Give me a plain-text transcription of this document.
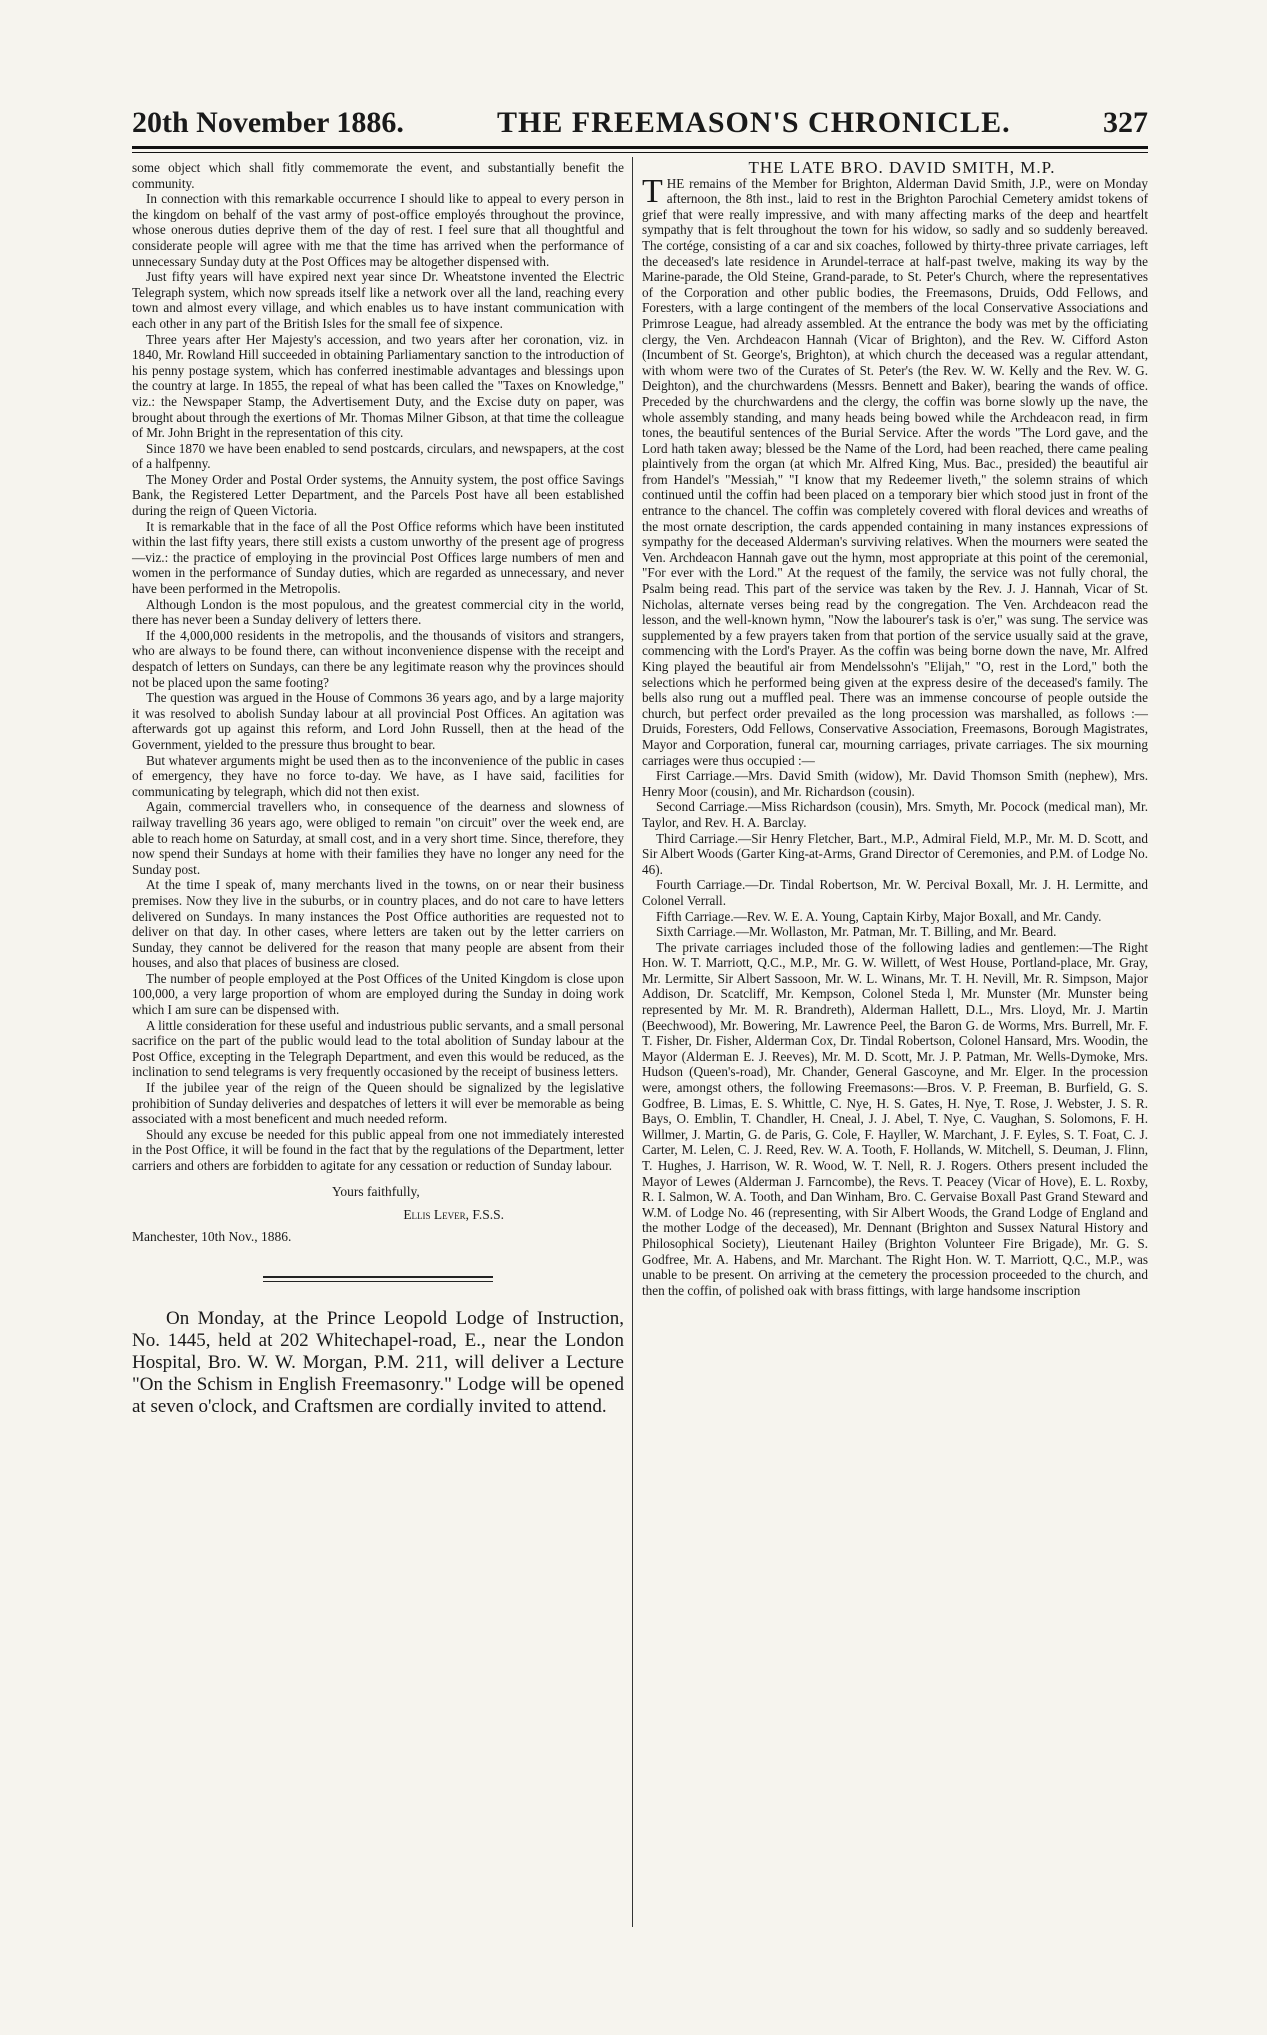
20th November 1886.	THE FREEMASON'S CHRONICLE.	327

some object which shall fitly commemorate the event, and substantially benefit the community.

In connection with this remarkable occurrence I should like to appeal to every person in the kingdom on behalf of the vast army of post-office employés throughout the province, whose onerous duties deprive them of the day of rest. I feel sure that all thoughtful and considerate people will agree with me that the time has arrived when the performance of unnecessary Sunday duty at the Post Offices may be altogether dispensed with.

Just fifty years will have expired next year since Dr. Wheatstone invented the Electric Telegraph system, which now spreads itself like a network over all the land, reaching every town and almost every village, and which enables us to have instant communication with each other in any part of the British Isles for the small fee of sixpence.

Three years after Her Majesty's accession, and two years after her coronation, viz. in 1840, Mr. Rowland Hill succeeded in obtaining Parliamentary sanction to the introduction of his penny postage system, which has conferred inestimable advantages and blessings upon the country at large. In 1855, the repeal of what has been called the "Taxes on Knowledge," viz.: the Newspaper Stamp, the Advertisement Duty, and the Excise duty on paper, was brought about through the exertions of Mr. Thomas Milner Gibson, at that time the colleague of Mr. John Bright in the representation of this city.

Since 1870 we have been enabled to send postcards, circulars, and newspapers, at the cost of a halfpenny.

The Money Order and Postal Order systems, the Annuity system, the post office Savings Bank, the Registered Letter Department, and the Parcels Post have all been established during the reign of Queen Victoria.

It is remarkable that in the face of all the Post Office reforms which have been instituted within the last fifty years, there still exists a custom unworthy of the present age of progress—viz.: the practice of employing in the provincial Post Offices large numbers of men and women in the performance of Sunday duties, which are regarded as unnecessary, and never have been performed in the Metropolis.

Although London is the most populous, and the greatest commercial city in the world, there has never been a Sunday delivery of letters there.

If the 4,000,000 residents in the metropolis, and the thousands of visitors and strangers, who are always to be found there, can without inconvenience dispense with the receipt and despatch of letters on Sundays, can there be any legitimate reason why the provinces should not be placed upon the same footing?

The question was argued in the House of Commons 36 years ago, and by a large majority it was resolved to abolish Sunday labour at all provincial Post Offices. An agitation was afterwards got up against this reform, and Lord John Russell, then at the head of the Government, yielded to the pressure thus brought to bear.

But whatever arguments might be used then as to the inconvenience of the public in cases of emergency, they have no force to-day. We have, as I have said, facilities for communicating by telegraph, which did not then exist.

Again, commercial travellers who, in consequence of the dearness and slowness of railway travelling 36 years ago, were obliged to remain "on circuit" over the week end, are able to reach home on Saturday, at small cost, and in a very short time. Since, therefore, they now spend their Sundays at home with their families they have no longer any need for the Sunday post.

At the time I speak of, many merchants lived in the towns, on or near their business premises. Now they live in the suburbs, or in country places, and do not care to have letters delivered on Sundays. In many instances the Post Office authorities are requested not to deliver on that day. In other cases, where letters are taken out by the letter carriers on Sunday, they cannot be delivered for the reason that many people are absent from their houses, and also that places of business are closed.

The number of people employed at the Post Offices of the United Kingdom is close upon 100,000, a very large proportion of whom are employed during the Sunday in doing work which I am sure can be dispensed with.

A little consideration for these useful and industrious public servants, and a small personal sacrifice on the part of the public would lead to the total abolition of Sunday labour at the Post Office, excepting in the Telegraph Department, and even this would be reduced, as the inclination to send telegrams is very frequently occasioned by the receipt of business letters.

If the jubilee year of the reign of the Queen should be signalized by the legislative prohibition of Sunday deliveries and despatches of letters it will ever be memorable as being associated with a most beneficent and much needed reform.

Should any excuse be needed for this public appeal from one not immediately interested in the Post Office, it will be found in the fact that by the regulations of the Department, letter carriers and others are forbidden to agitate for any cessation or reduction of Sunday labour.

Yours faithfully,
Ellis Lever, F.S.S.
Manchester, 10th Nov., 1886.

On Monday, at the Prince Leopold Lodge of Instruction, No. 1445, held at 202 Whitechapel-road, E., near the London Hospital, Bro. W. W. Morgan, P.M. 211, will deliver a Lecture "On the Schism in English Freemasonry." Lodge will be opened at seven o'clock, and Craftsmen are cordially invited to attend.

THE LATE BRO. DAVID SMITH, M.P.

THE remains of the Member for Brighton, Alderman David Smith, J.P., were on Monday afternoon, the 8th inst., laid to rest in the Brighton Parochial Cemetery amidst tokens of grief that were really impressive, and with many affecting marks of the deep and heartfelt sympathy that is felt throughout the town for his widow, so sadly and so suddenly bereaved. The cortége, consisting of a car and six coaches, followed by thirty-three private carriages, left the deceased's late residence in Arundel-terrace at half-past twelve, making its way by the Marine-parade, the Old Steine, Grand-parade, to St. Peter's Church, where the representatives of the Corporation and other public bodies, the Freemasons, Druids, Odd Fellows, and Foresters, with a large contingent of the members of the local Conservative Associations and Primrose League, had already assembled. At the entrance the body was met by the officiating clergy, the Ven. Archdeacon Hannah (Vicar of Brighton), and the Rev. W. Cifford Aston (Incumbent of St. George's, Brighton), at which church the deceased was a regular attendant, with whom were two of the Curates of St. Peter's (the Rev. W. W. Kelly and the Rev. W. G. Deighton), and the churchwardens (Messrs. Bennett and Baker), bearing the wands of office. Preceded by the churchwardens and the clergy, the coffin was borne slowly up the nave, the whole assembly standing, and many heads being bowed while the Archdeacon read, in firm tones, the beautiful sentences of the Burial Service. After the words "The Lord gave, and the Lord hath taken away; blessed be the Name of the Lord, had been reached, there came pealing plaintively from the organ (at which Mr. Alfred King, Mus. Bac., presided) the beautiful air from Handel's "Messiah," "I know that my Redeemer liveth," the solemn strains of which continued until the coffin had been placed on a temporary bier which stood just in front of the entrance to the chancel. The coffin was completely covered with floral devices and wreaths of the most ornate description, the cards appended containing in many instances expressions of sympathy for the deceased Alderman's surviving relatives. When the mourners were seated the Ven. Archdeacon Hannah gave out the hymn, most appropriate at this point of the ceremonial, "For ever with the Lord." At the request of the family, the service was not fully choral, the Psalm being read. This part of the service was taken by the Rev. J. J. Hannah, Vicar of St. Nicholas, alternate verses being read by the congregation. The Ven. Archdeacon read the lesson, and the well-known hymn, "Now the labourer's task is o'er," was sung. The service was supplemented by a few prayers taken from that portion of the service usually said at the grave, commencing with the Lord's Prayer. As the coffin was being borne down the nave, Mr. Alfred King played the beautiful air from Mendelssohn's "Elijah," "O, rest in the Lord," both the selections which he performed being given at the express desire of the deceased's family. The bells also rung out a muffled peal. There was an immense concourse of people outside the church, but perfect order prevailed as the long procession was marshalled, as follows :—Druids, Foresters, Odd Fellows, Conservative Association, Freemasons, Borough Magistrates, Mayor and Corporation, funeral car, mourning carriages, private carriages. The six mourning carriages were thus occupied :—

First Carriage.—Mrs. David Smith (widow), Mr. David Thomson Smith (nephew), Mrs. Henry Moor (cousin), and Mr. Richardson (cousin).

Second Carriage.—Miss Richardson (cousin), Mrs. Smyth, Mr. Pocock (medical man), Mr. Taylor, and Rev. H. A. Barclay.

Third Carriage.—Sir Henry Fletcher, Bart., M.P., Admiral Field, M.P., Mr. M. D. Scott, and Sir Albert Woods (Garter King-at-Arms, Grand Director of Ceremonies, and P.M. of Lodge No. 46).

Fourth Carriage.—Dr. Tindal Robertson, Mr. W. Percival Boxall, Mr. J. H. Lermitte, and Colonel Verrall.

Fifth Carriage.—Rev. W. E. A. Young, Captain Kirby, Major Boxall, and Mr. Candy.

Sixth Carriage.—Mr. Wollaston, Mr. Patman, Mr. T. Billing, and Mr. Beard.

The private carriages included those of the following ladies and gentlemen:—The Right Hon. W. T. Marriott, Q.C., M.P., Mr. G. W. Willett, of West House, Portland-place, Mr. Gray, Mr. Lermitte, Sir Albert Sassoon, Mr. W. L. Winans, Mr. T. H. Nevill, Mr. R. Simpson, Major Addison, Dr. Scatcliff, Mr. Kempson, Colonel Steda l, Mr. Munster (Mr. Munster being represented by Mr. M. R. Brandreth), Alderman Hallett, D.L., Mrs. Lloyd, Mr. J. Martin (Beechwood), Mr. Bowering, Mr. Lawrence Peel, the Baron G. de Worms, Mrs. Burrell, Mr. F. T. Fisher, Dr. Fisher, Alderman Cox, Dr. Tindal Robertson, Colonel Hansard, Mrs. Woodin, the Mayor (Alderman E. J. Reeves), Mr. M. D. Scott, Mr. J. P. Patman, Mr. Wells-Dymoke, Mrs. Hudson (Queen's-road), Mr. Chander, General Gascoyne, and Mr. Elger. In the procession were, amongst others, the following Freemasons:—Bros. V. P. Freeman, B. Burfield, G. S. Godfree, B. Limas, E. S. Whittle, C. Nye, H. S. Gates, H. Nye, T. Rose, J. Webster, J. S. R. Bays, O. Emblin, T. Chandler, H. Cneal, J. J. Abel, T. Nye, C. Vaughan, S. Solomons, F. H. Willmer, J. Martin, G. de Paris, G. Cole, F. Hayller, W. Marchant, J. F. Eyles, S. T. Foat, C. J. Carter, M. Lelen, C. J. Reed, Rev. W. A. Tooth, F. Hollands, W. Mitchell, S. Deuman, J. Flinn, T. Hughes, J. Harrison, W. R. Wood, W. T. Nell, R. J. Rogers. Others present included the Mayor of Lewes (Alderman J. Farncombe), the Revs. T. Peacey (Vicar of Hove), E. L. Roxby, R. I. Salmon, W. A. Tooth, and Dan Winham, Bro. C. Gervaise Boxall Past Grand Steward and W.M. of Lodge No. 46 (representing, with Sir Albert Woods, the Grand Lodge of England and the mother Lodge of the deceased), Mr. Dennant (Brighton and Sussex Natural History and Philosophical Society), Lieutenant Hailey (Brighton Volunteer Fire Brigade), Mr. G. S. Godfree, Mr. A. Habens, and Mr. Marchant. The Right Hon. W. T. Marriott, Q.C., M.P., was unable to be present. On arriving at the cemetery the procession proceeded to the church, and then the coffin, of polished oak with brass fittings, with large handsome inscription
